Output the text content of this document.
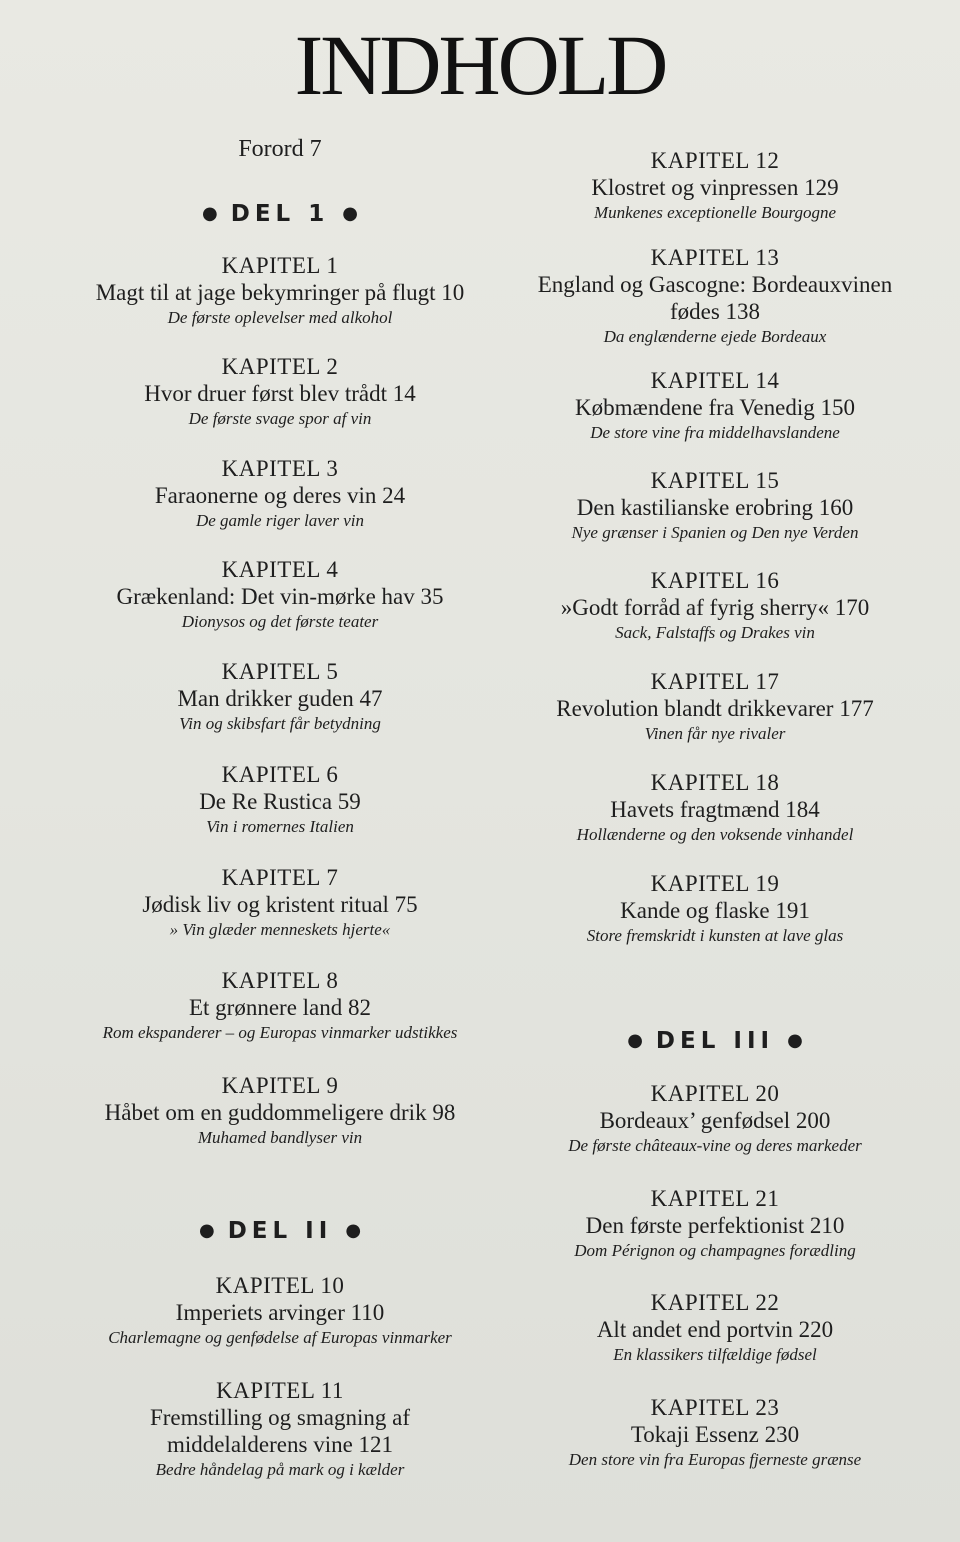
INDHOLD
Forord 7
● DEL 1 ●
KAPITEL 1
Magt til at jage bekymringer på flugt 10
De første oplevelser med alkohol
KAPITEL 2
Hvor druer først blev trådt 14
De første svage spor af vin
KAPITEL 3
Faraonerne og deres vin 24
De gamle riger laver vin
KAPITEL 4
Grækenland: Det vin-mørke hav 35
Dionysos og det første teater
KAPITEL 5
Man drikker guden 47
Vin og skibsfart får betydning
KAPITEL 6
De Re Rustica 59
Vin i romernes Italien
KAPITEL 7
Jødisk liv og kristent ritual 75
» Vin glæder menneskets hjerte«
KAPITEL 8
Et grønnere land 82
Rom ekspanderer – og Europas vinmarker udstikkes
KAPITEL 9
Håbet om en guddommeligere drik 98
Muhamed bandlyser vin
● DEL II ●
KAPITEL 10
Imperiets arvinger 110
Charlemagne og genfødelse af Europas vinmarker
KAPITEL 11
Fremstilling og smagning af
middelalderens vine 121
Bedre håndelag på mark og i kælder
KAPITEL 12
Klostret og vinpressen 129
Munkenes exceptionelle Bourgogne
KAPITEL 13
England og Gascogne: Bordeauxvinen
fødes 138
Da englænderne ejede Bordeaux
KAPITEL 14
Købmændene fra Venedig 150
De store vine fra middelhavslandene
KAPITEL 15
Den kastilianske erobring 160
Nye grænser i Spanien og Den nye Verden
KAPITEL 16
»Godt forråd af fyrig sherry« 170
Sack, Falstaffs og Drakes vin
KAPITEL 17
Revolution blandt drikkevarer 177
Vinen får nye rivaler
KAPITEL 18
Havets fragtmænd 184
Hollænderne og den voksende vinhandel
KAPITEL 19
Kande og flaske 191
Store fremskridt i kunsten at lave glas
● DEL III ●
KAPITEL 20
Bordeaux’ genfødsel 200
De første châteaux-vine og deres markeder
KAPITEL 21
Den første perfektionist 210
Dom Pérignon og champagnes forædling
KAPITEL 22
Alt andet end portvin 220
En klassikers tilfældige fødsel
KAPITEL 23
Tokaji Essenz 230
Den store vin fra Europas fjerneste grænse
